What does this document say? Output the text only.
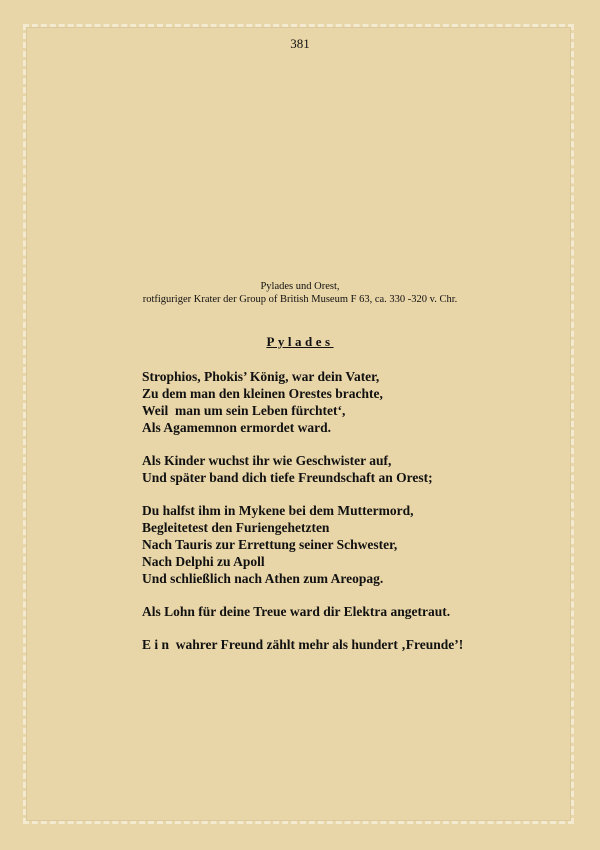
381
Pylades und Orest,
rotfiguriger Krater der Group of British Museum F 63, ca. 330 -320 v. Chr.
Pylades
Strophios, Phokis’ König, war dein Vater,
Zu dem man den kleinen Orestes brachte,
Weil  man um sein Leben fürchtet‘,
Als Agamemnon ermordet ward.
Als Kinder wuchst ihr wie Geschwister auf,
Und später band dich tiefe Freundschaft an Orest;
Du halfst ihm in Mykene bei dem Muttermord,
Begleitetest den Furiengehetzten
Nach Tauris zur Errettung seiner Schwester,
Nach Delphi zu Apoll
Und schließlich nach Athen zum Areopag.
Als Lohn für deine Treue ward dir Elektra angetraut.
E i n  wahrer Freund zählt mehr als hundert ‚Freunde’!
